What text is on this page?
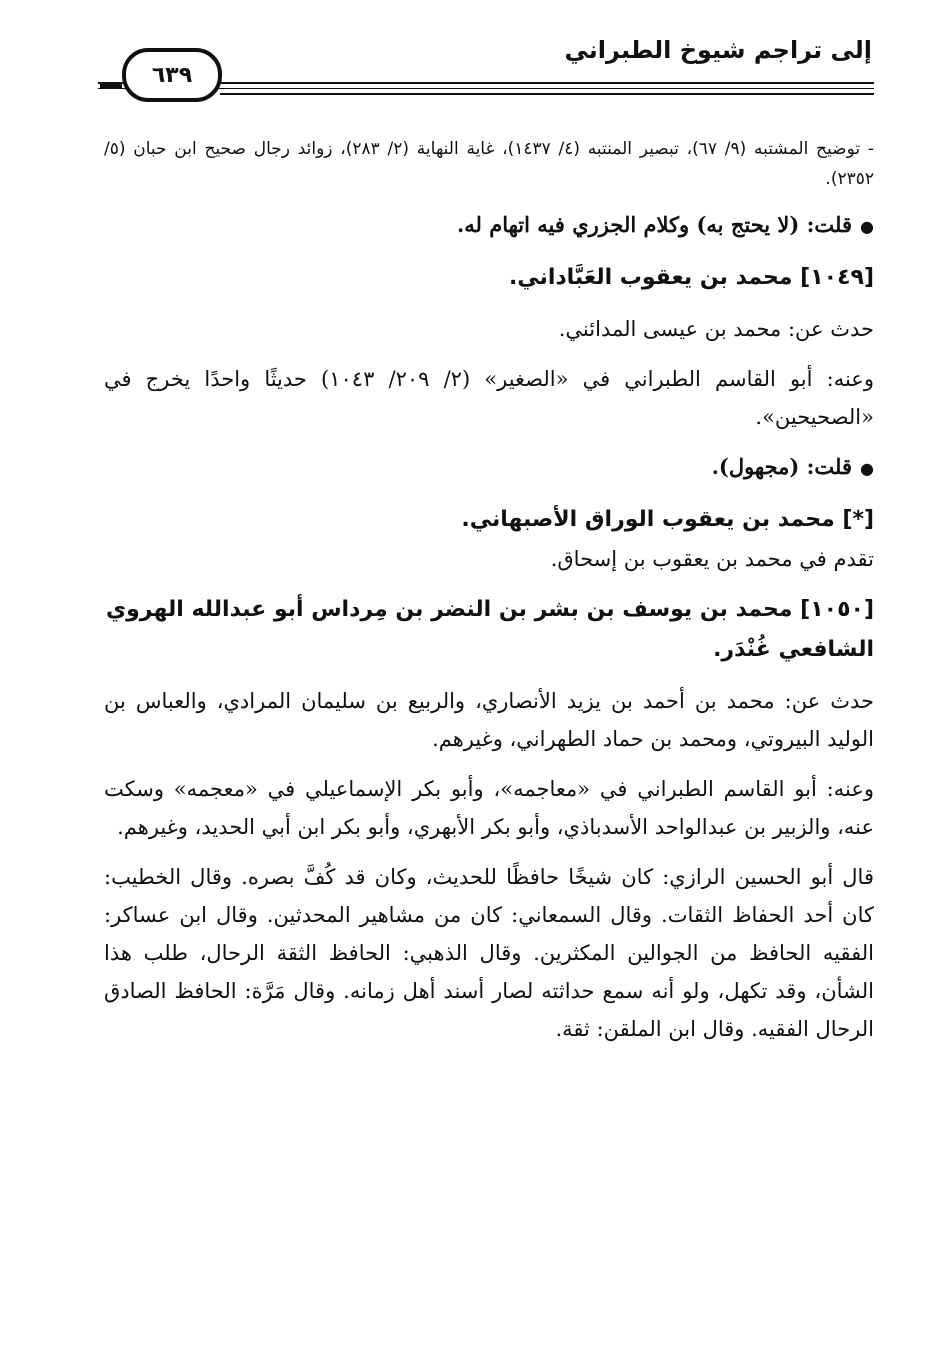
إلى تراجم شيوخ الطبراني
٦٣٩
- توضيح المشتبه (٩/ ٦٧)، تبصير المنتبه (٤/ ١٤٣٧)، غاية النهاية (٢/ ٢٨٣)، زوائد رجال صحيح ابن حبان (٥/ ٢٣٥٢).
● قلت: (لا يحتج به) وكلام الجزري فيه اتهام له.
[١٠٤٩] محمد بن يعقوب العَبَّاداني.
حدث عن: محمد بن عيسى المدائني.
وعنه: أبو القاسم الطبراني في «الصغير» (٢/ ٢٠٩/ ١٠٤٣) حديثًا واحدًا يخرج في «الصحيحين».
● قلت: (مجهول).
[*] محمد بن يعقوب الوراق الأصبهاني.
تقدم في محمد بن يعقوب بن إسحاق.
[١٠٥٠] محمد بن يوسف بن بشر بن النضر بن مِرداس أبو عبدالله الهروي الشافعي غُنْدَر.
حدث عن: محمد بن أحمد بن يزيد الأنصاري، والربيع بن سليمان المرادي، والعباس بن الوليد البيروتي، ومحمد بن حماد الطهراني، وغيرهم.
وعنه: أبو القاسم الطبراني في «معاجمه»، وأبو بكر الإسماعيلي في «معجمه» وسكت عنه، والزبير بن عبدالواحد الأسدباذي، وأبو بكر الأبهري، وأبو بكر ابن أبي الحديد، وغيرهم.
قال أبو الحسين الرازي: كان شيخًا حافظًا للحديث، وكان قد كُفَّ بصره. وقال الخطيب: كان أحد الحفاظ الثقات. وقال السمعاني: كان من مشاهير المحدثين. وقال ابن عساكر: الفقيه الحافظ من الجوالين المكثرين. وقال الذهبي: الحافظ الثقة الرحال، طلب هذا الشأن، وقد تكهل، ولو أنه سمع حداثته لصار أسند أهل زمانه. وقال مَرَّة: الحافظ الصادق الرحال الفقيه. وقال ابن الملقن: ثقة.
